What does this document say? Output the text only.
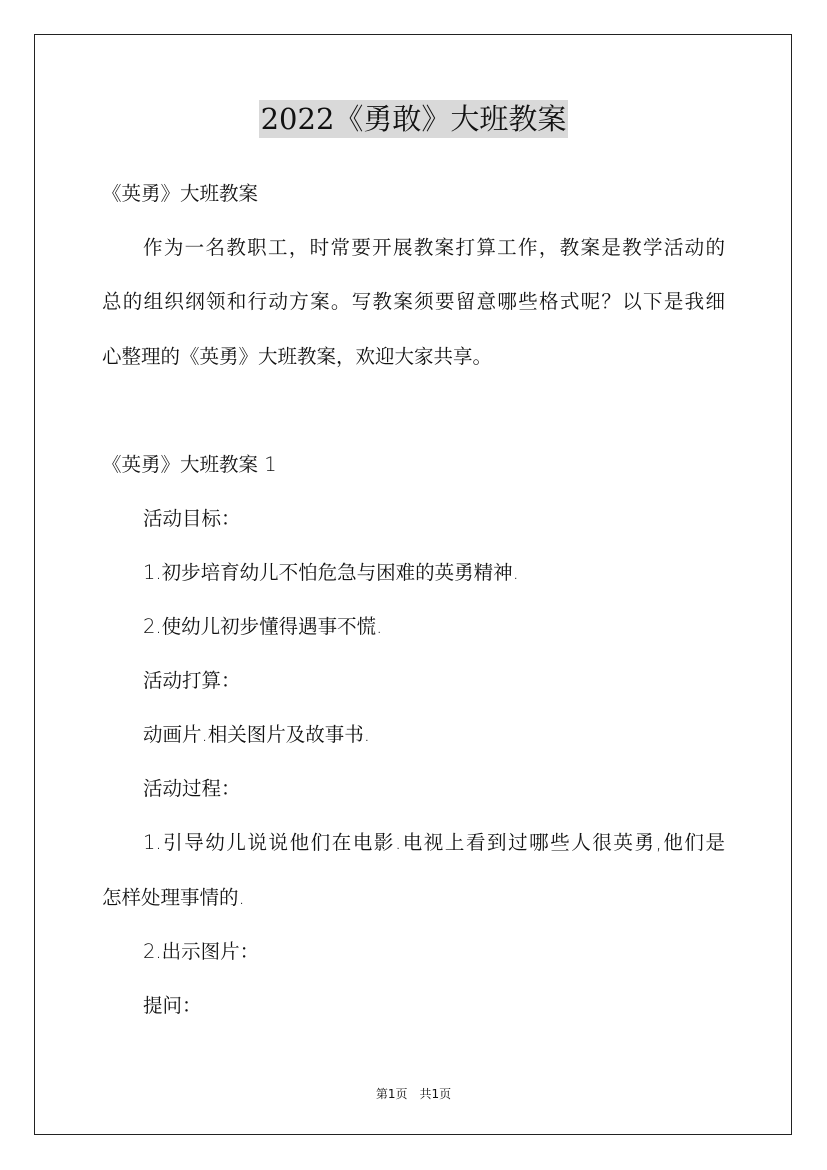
2022《勇敢》大班教案
《英勇》大班教案
作为一名教职工，时常要开展教案打算工作，教案是教学活动的
总的组织纲领和行动方案。写教案须要留意哪些格式呢？以下是我细
心整理的《英勇》大班教案，欢迎大家共享。
《英勇》大班教案 1
活动目标：
1.初步培育幼儿不怕危急与困难的英勇精神.
2.使幼儿初步懂得遇事不慌.
活动打算：
动画片.相关图片及故事书.
活动过程：
1.引导幼儿说说他们在电影.电视上看到过哪些人很英勇,他们是
怎样处理事情的.
2.出示图片：
提问：
第1页　共1页
